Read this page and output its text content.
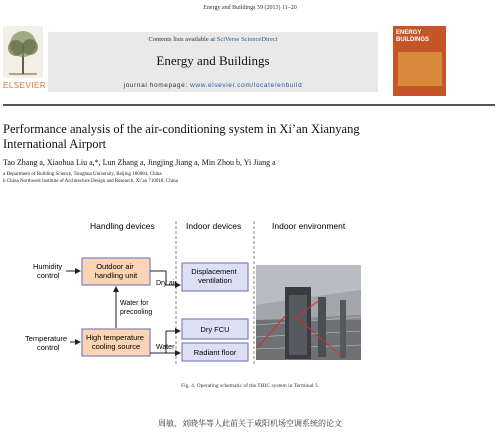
Energy and Buildings 59 (2013) 11–20
ELSEVIER
Contents lists available at SciVerse ScienceDirect
Energy and Buildings
journal homepage: www.elsevier.com/locate/enbuild
ENERGY
BUILDINGS
Performance analysis of the air-conditioning system in Xi’an Xianyang
International Airport
Tao Zhang a, Xiaohua Liu a,*, Lun Zhang a, Jingjing Jiang a, Min Zhou b, Yi Jiang a
a Department of Building Science, Tsinghua University, Beijing 100084, China
b China Northwest Institute of Architecture Design and Research, Xi’an 710018, China
Handling devices	Indoor devices	Indoor environment
Humidity control
Temperature control
Outdoor air handling unit
High temperature cooling source
Water for precooling
Dry air
Water
Displacement ventilation
Dry FCU
Radiant floor
Fig. 4. Operating schematic of the THIC system in Terminal 3.
周敏、刘晓华等人此前关于咸阳机场空调系统的论文
